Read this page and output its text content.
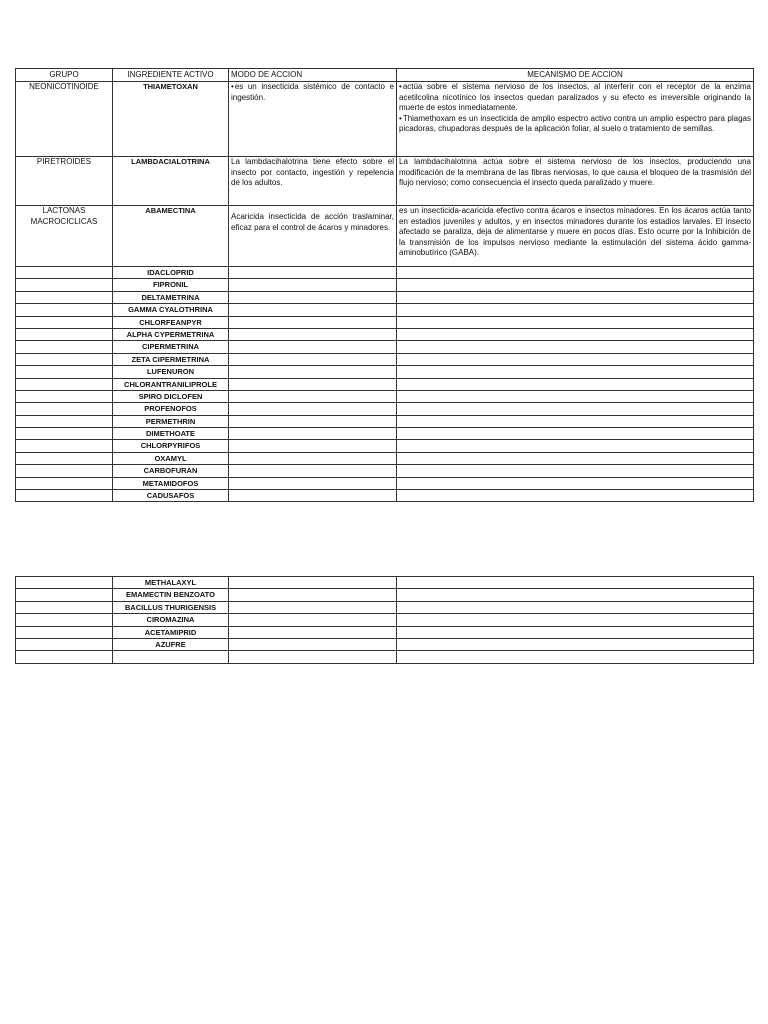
GRUPO	INGREDIENTE ACTIVO	MODO DE ACCION	MECANISMO DE ACCION
NEONICOTINOIDE	THIAMETOXAN	• es un insecticida sistémico de contacto e ingestión.	• actúa sobre el sistema nervioso de los insectos, al interferir con el receptor de la enzima acetilcolina nicotínico los insectos quedan paralizados y su efecto es irreversible originando la muerte de estos inmediatamente.
• Thiamethoxam es un insecticida de amplio espectro activo contra un amplio espectro para plagas picadoras, chupadoras después de la aplicación foliar, al suelo o tratamiento de semillas.

PIRETROIDES	LAMBDACIALOTRINA	La lambdacihalotrina tiene efecto sobre el insecto por contacto, ingestión y repelencia de los adultos.	La lambdacihalotrina actúa sobre el sistema nervioso de los insectos, produciendo una modificación de la membrana de las fibras nerviosas, lo que causa el bloqueo de la trasmisión del flujo nervioso; como consecuencia el insecto queda paralizado y muere.
LACTONAS MACROCICLICAS	ABAMECTINA	Acaricida insecticida de acción traslaminar, eficaz para el control de ácaros y minadores.	es un insecticida-acaricida efectivo contra ácaros e insectos minadores. En los ácaros actúa tanto en estadios juveniles y adultos, y en insectos minadores durante los estadios larvales. El insecto afectado se paraliza, deja de alimentarse y muere en pocos días. Esto ocurre por la Inhibición de la transmisión de los impulsos nervioso mediante la estimulación del sistema ácido gamma-aminobutírico (GABA).
	IDACLOPRID		
	FIPRONIL		
	DELTAMETRINA		
	GAMMA CYALOTHRINA		
	CHLORFEANPYR		
	ALPHA CYPERMETRINA		
	CIPERMETRINA		
	ZETA CIPERMETRINA		
	LUFENURON		
	CHLORANTRANILIPROLE		
	SPIRO DICLOFEN		
	PROFENOFOS		
	PERMETHRIN		
	DIMETHOATE		
	CHLORPYRIFOS		
	OXAMYL		
	CARBOFURAN		
	METAMIDOFOS		
	CADUSAFOS		
	METHALAXYL		
	EMAMECTIN BENZOATO		
	BACILLUS THURIGENSIS		
	CIROMAZINA		
	ACETAMIPRID		
	AZUFRE		
